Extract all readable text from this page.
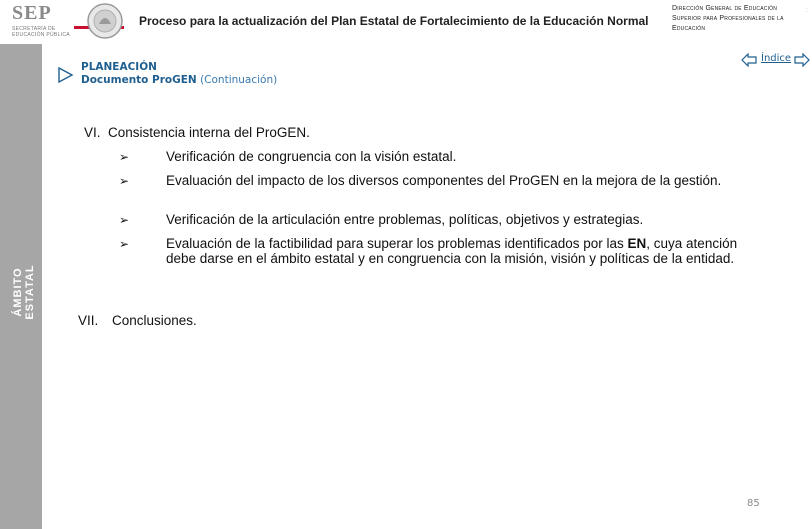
SEP
SECRETARÍA DE EDUCACIÓN PÚBLICA
Proceso para la actualización del Plan Estatal de Fortalecimiento de la Educación Normal
Dirección General de Educación Superior para Profesionales de la Educación
:
ÁMBITO ESTATAL
PLANEACIÓN
Documento ProGEN (Continuación)
Índice
VI. Consistencia interna del ProGEN.
➢	Verificación de congruencia con la visión estatal.
➢	Evaluación del impacto de los diversos componentes del ProGEN en la mejora de la gestión.
➢	Verificación de la articulación entre problemas, políticas, objetivos y estrategias.
➢	Evaluación de la factibilidad para superar los problemas identificados por las EN, cuya atención debe darse en el ámbito estatal y en congruencia con la misión, visión y políticas de la entidad.
VII. Conclusiones.
85
